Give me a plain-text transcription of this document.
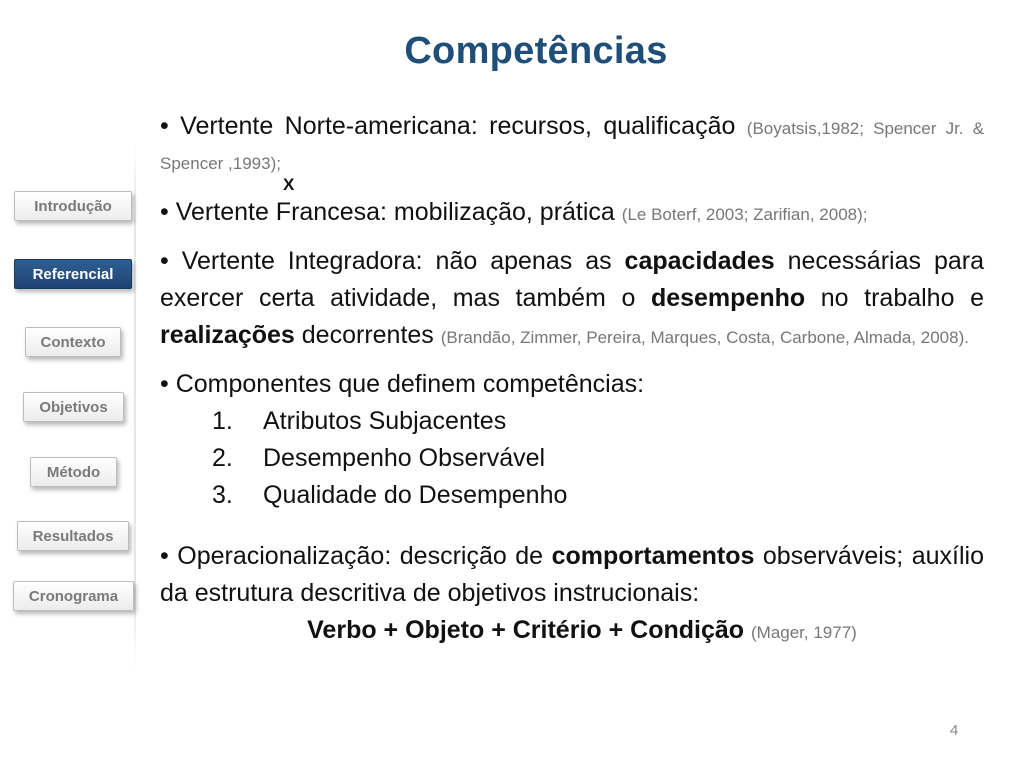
Competências
Introdução
Referencial
Contexto
Objetivos
Método
Resultados
Cronograma

• Vertente Norte-americana: recursos, qualificação (Boyatsis,1982; Spencer Jr. & Spencer ,1993);

X

• Vertente Francesa: mobilização, prática (Le Boterf, 2003; Zarifian, 2008);

• Vertente Integradora: não apenas as capacidades necessárias para exercer certa atividade, mas também o desempenho no trabalho e realizações decorrentes (Brandão, Zimmer, Pereira, Marques, Costa, Carbone, Almada, 2008).

• Componentes que definem competências:

1.	Atributos Subjacentes
2.	Desempenho Observável
3.	Qualidade do Desempenho

• Operacionalização: descrição de comportamentos observáveis; auxílio da estrutura descritiva de objetivos instrucionais:

Verbo + Objeto + Critério + Condição (Mager, 1977)

4
